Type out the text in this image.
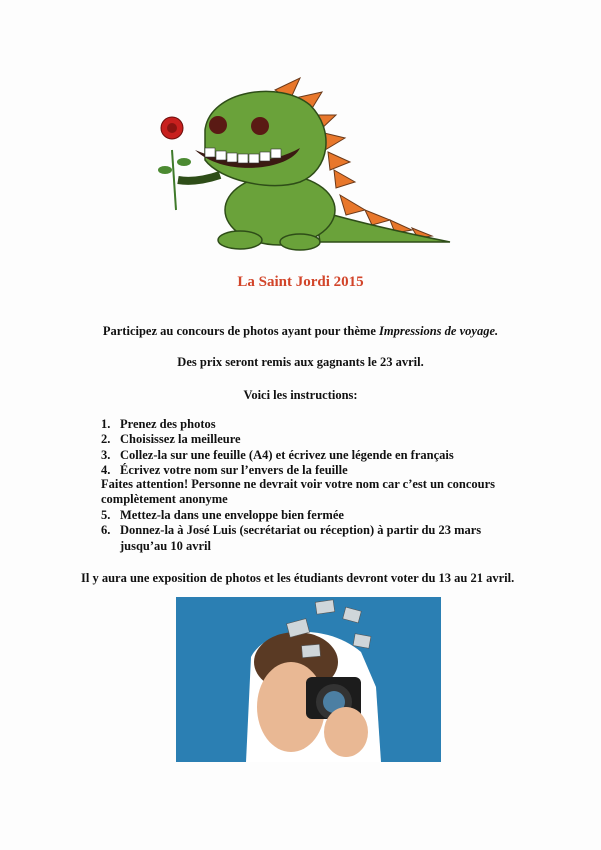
La Saint Jordi 2015
Participez au concours de photos ayant pour thème Impressions de voyage.
Des prix seront remis aux gagnants le 23 avril.
Voici les instructions:
1. Prenez des photos
2. Choisissez la meilleure
3. Collez-la sur une feuille (A4) et écrivez une légende en français
4. Écrivez votre nom sur l’envers de la feuille
Faites attention! Personne ne devrait voir votre nom car c’est un concours complètement anonyme
5. Mettez-la dans une enveloppe bien fermée
6. Donnez-la à José Luis (secrétariat ou réception) à partir du 23 mars jusqu’au 10 avril
Il y aura une exposition de photos et les étudiants devront voter du 13 au 21 avril.
